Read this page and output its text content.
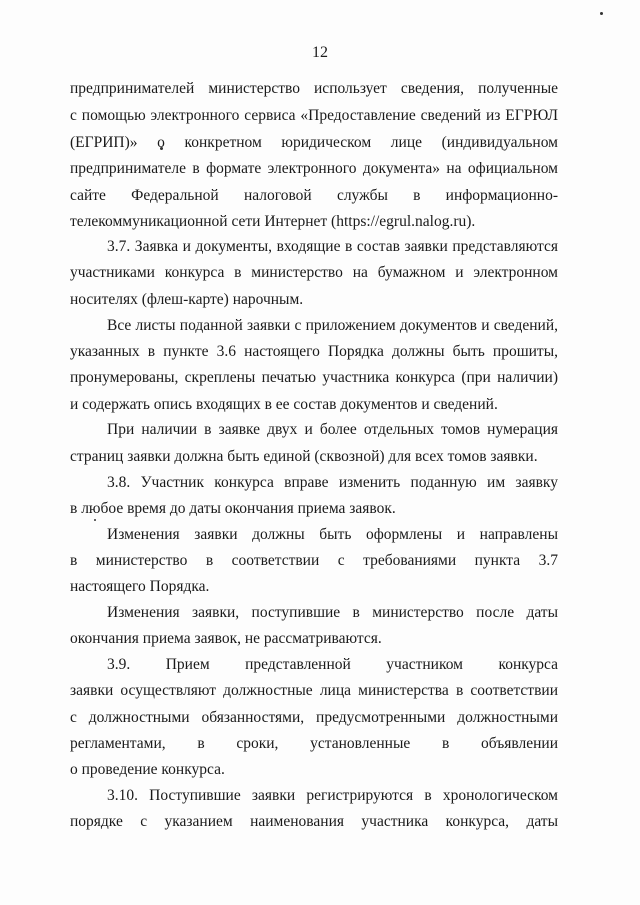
12
предпринимателей министерство использует сведения, полученные
с помощью электронного сервиса «Предоставление сведений из ЕГРЮЛ
(ЕГРИП)» о конкретном юридическом лице (индивидуальном
предпринимателе в формате электронного документа» на официальном
сайте Федеральной налоговой службы в информационно-
телекоммуникационной сети Интернет (https://egrul.nalog.ru).
3.7. Заявка и документы, входящие в состав заявки представляются
участниками конкурса в министерство на бумажном и электронном
носителях (флеш-карте) нарочным.
Все листы поданной заявки с приложением документов и сведений,
указанных в пункте 3.6 настоящего Порядка должны быть прошиты,
пронумерованы, скреплены печатью участника конкурса (при наличии)
и содержать опись входящих в ее состав документов и сведений.
При наличии в заявке двух и более отдельных томов нумерация
страниц заявки должна быть единой (сквозной) для всех томов заявки.
3.8. Участник конкурса вправе изменить поданную им заявку
в любое время до даты окончания приема заявок.
Изменения заявки должны быть оформлены и направлены
в министерство в соответствии с требованиями пункта 3.7
настоящего Порядка.
Изменения заявки, поступившие в министерство после даты
окончания приема заявок, не рассматриваются.
3.9. Прием представленной участником конкурса
заявки осуществляют должностные лица министерства в соответствии
с должностными обязанностями, предусмотренными должностными
регламентами, в сроки, установленные в объявлении
о проведение конкурса.
3.10. Поступившие заявки регистрируются в хронологическом
порядке с указанием наименования участника конкурса, даты
